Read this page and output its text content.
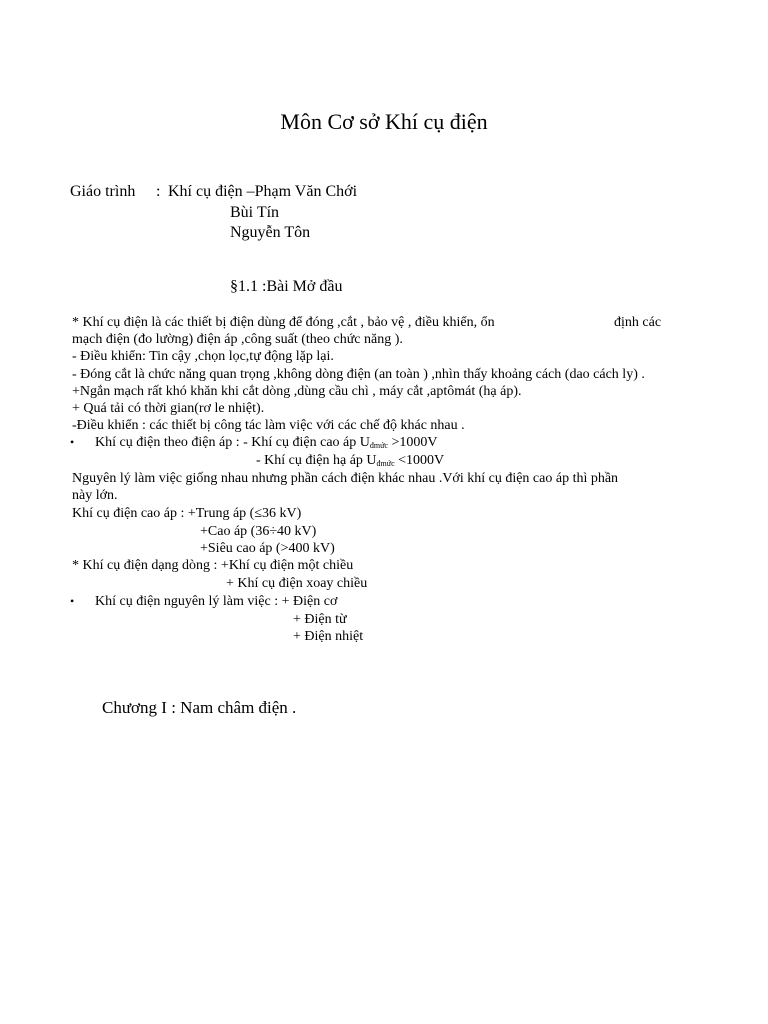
Môn Cơ sở Khí cụ điện
Giáo trình : Khí cụ điện –Phạm Văn Chới
Bùi Tín
Nguyễn Tôn
§1.1 :Bài Mở đầu
* Khí cụ điện là các thiết bị điện dùng để đóng ,cắt , bảo vệ , điều khiển, ổn	định các
mạch điện (đo lường) điện áp ,công suất (theo chức năng ).
- Điều khiển: Tin cậy ,chọn lọc,tự động lặp lại.
- Đóng cắt là chức năng quan trọng ,không dòng điện (an toàn ) ,nhìn thấy khoảng cách (dao cách ly) .
+Ngắn mạch rất khó khăn khi cắt dòng ,dùng cầu chì , máy cắt ,aptômát (hạ áp).
+ Quá tải có thời gian(rơ le nhiệt).
-Điều khiển : các thiết bị công tác làm việc với các chế độ khác nhau .
• Khí cụ điện theo điện áp : - Khí cụ điện cao áp $U_{đmức} >1000V$
- Khí cụ điện hạ áp $U_{đmức} <1000V$
Nguyên lý làm việc giống nhau nhưng phần cách điện khác nhau .Với khí cụ điện cao áp thì phần
này lớn.
Khí cụ điện cao áp : +Trung áp (≤36 kV)
+Cao áp (36÷40 kV)
+Siêu cao áp (>400 kV)
* Khí cụ điện dạng dòng : +Khí cụ điện một chiều
+ Khí cụ điện xoay chiều
• Khí cụ điện nguyên lý làm việc : + Điện cơ
+ Điện từ
+ Điện nhiệt
Chương I : Nam châm điện .
